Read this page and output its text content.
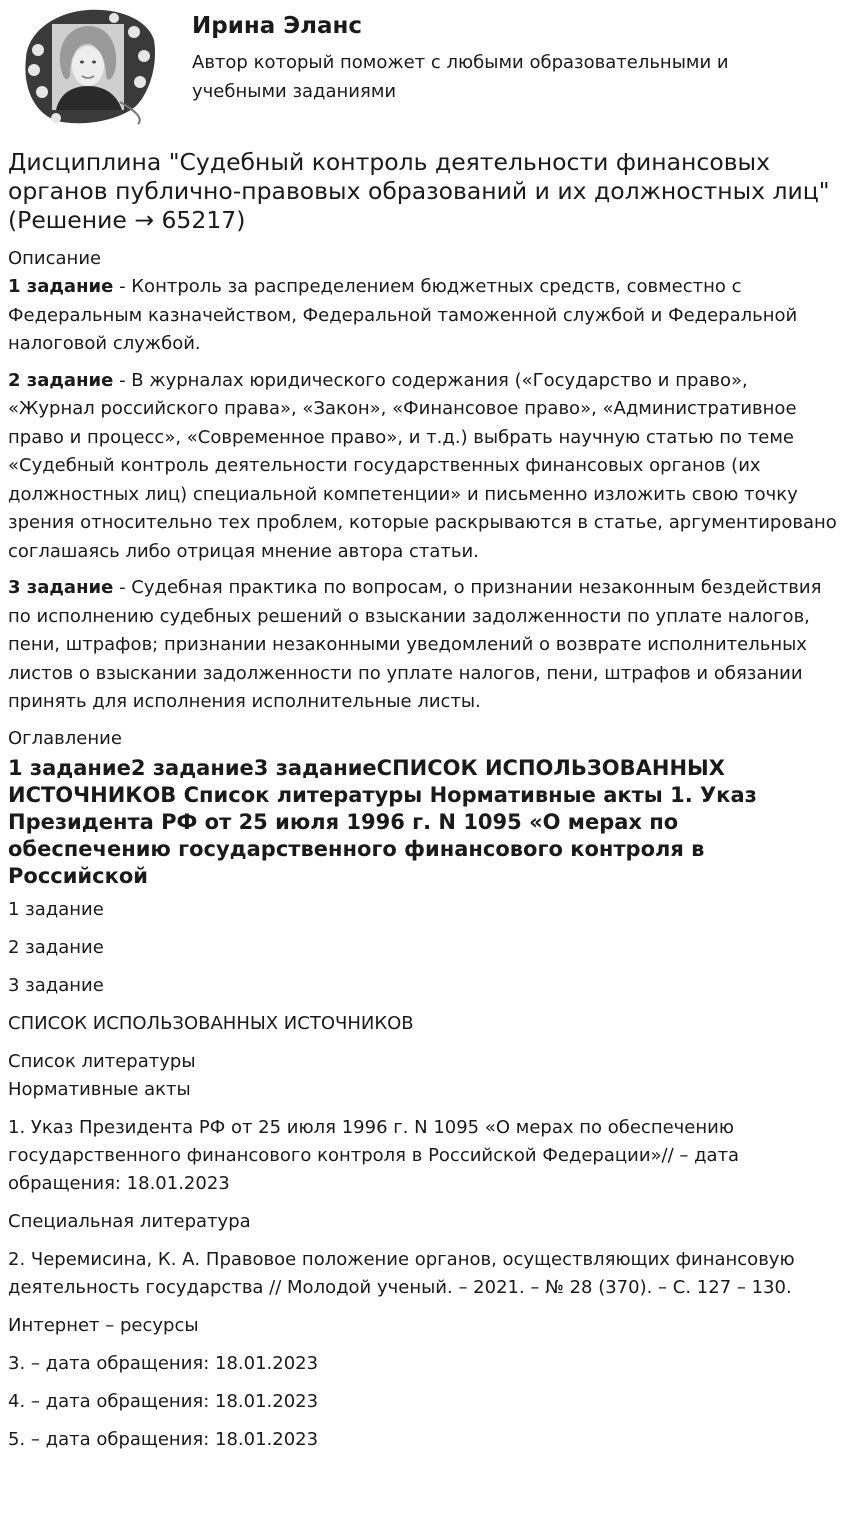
Ирина Эланс
Автор который поможет с любыми образовательными и учебными заданиями
Дисциплина "Судебный контроль деятельности финансовых органов публично-правовых образований и их должностных лиц" (Решение → 65217)
Описание

1 задание - Контроль за распределением бюджетных средств, совместно с Федеральным казначейством, Федеральной таможенной службой и Федеральной налоговой службой.

2 задание - В журналах юридического содержания («Государство и право», «Журнал российского права», «Закон», «Финансовое право», «Административное право и процесс», «Современное право», и т.д.) выбрать научную статью по теме «Судебный контроль деятельности государственных финансовых органов (их должностных лиц) специальной компетенции» и письменно изложить свою точку зрения относительно тех проблем, которые раскрываются в статье, аргументировано соглашаясь либо отрицая мнение автора статьи.

3 задание - Судебная практика по вопросам, о признании незаконным бездействия по исполнению судебных решений о взыскании задолженности по уплате налогов, пени, штрафов; признании незаконными уведомлений о возврате исполнительных листов о взыскании задолженности по уплате налогов, пени, штрафов и обязании принять для исполнения исполнительные листы.

Оглавление
1 задание2 задание3 заданиеСПИСОК ИСПОЛЬЗОВАННЫХ ИСТОЧНИКОВ Список литературы Нормативные акты 1. Указ Президента РФ от 25 июля 1996 г. N 1095 «О мерах по обеспечению государственного финансового контроля в Российской

1 задание

2 задание

3 задание

СПИСОК ИСПОЛЬЗОВАННЫХ ИСТОЧНИКОВ

Список литературы

Нормативные акты

1. Указ Президента РФ от 25 июля 1996 г. N 1095 «О мерах по обеспечению государственного финансового контроля в Российской Федерации»// – дата обращения: 18.01.2023

Специальная литература

2. Черемисина, К. А. Правовое положение органов, осуществляющих финансовую деятельность государства // Молодой ученый. – 2021. – № 28 (370). – С. 127 – 130.

Интернет – ресурсы

3. – дата обращения: 18.01.2023

4. – дата обращения: 18.01.2023

5. – дата обращения: 18.01.2023
